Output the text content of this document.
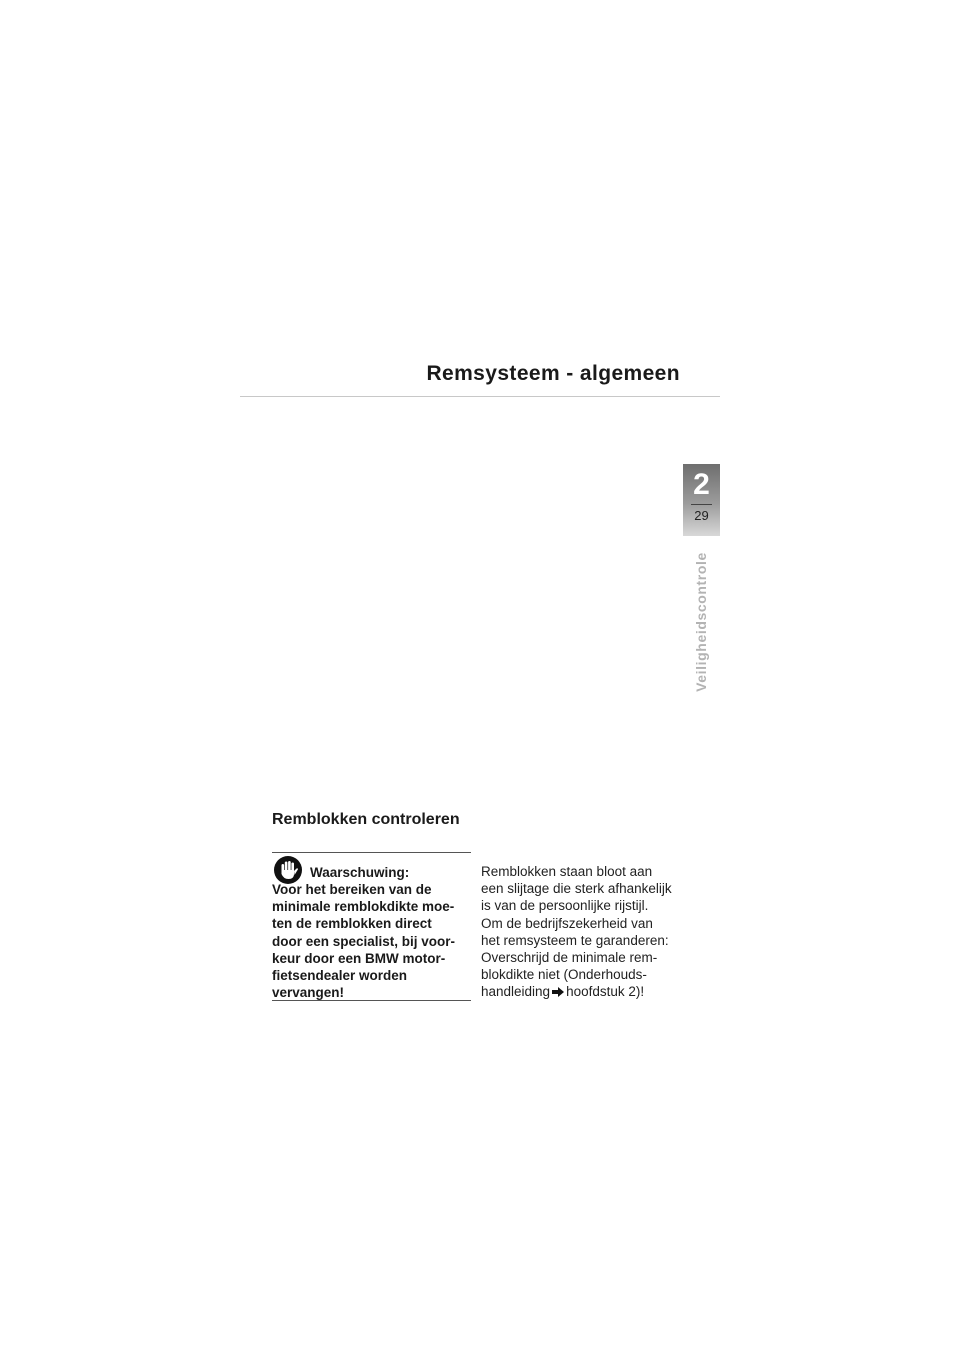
Remsysteem - algemeen
2
29
Veiligheidscontrole
Remblokken controleren
Waarschuwing:
Voor het bereiken van de
minimale remblokdikte moe-
ten de remblokken direct
door een specialist, bij voor-
keur door een BMW motor-
fietsendealer worden
vervangen!
Remblokken staan bloot aan
een slijtage die sterk afhankelijk
is van de persoonlijke rijstijl.
Om de bedrijfszekerheid van
het remsysteem te garanderen:
Overschrijd de minimale rem-
blokdikte niet (Onderhouds-
handleiding hoofdstuk 2)!
